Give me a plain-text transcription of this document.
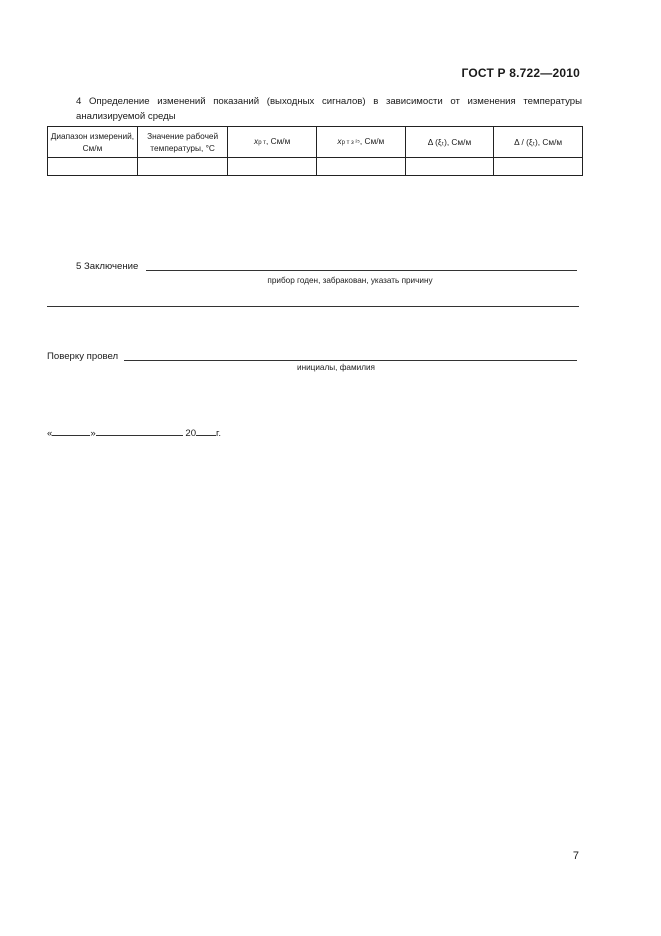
ГОСТ Р 8.722—2010
4 Определение изменений показаний (выходных сигналов) в зависимости от изменения температуры анализируемой среды
Диапазон измерений, См/м	Значение рабочей температуры, °С	xр т, См/м	xр т з ²⁵, См/м	Δ (ξₜ), См/м	Δ / (ξₜ), См/м

5 Заключение
прибор годен, забракован, указать причину
Поверку провел
инициалы, фамилия
«	»	20 г.
7
